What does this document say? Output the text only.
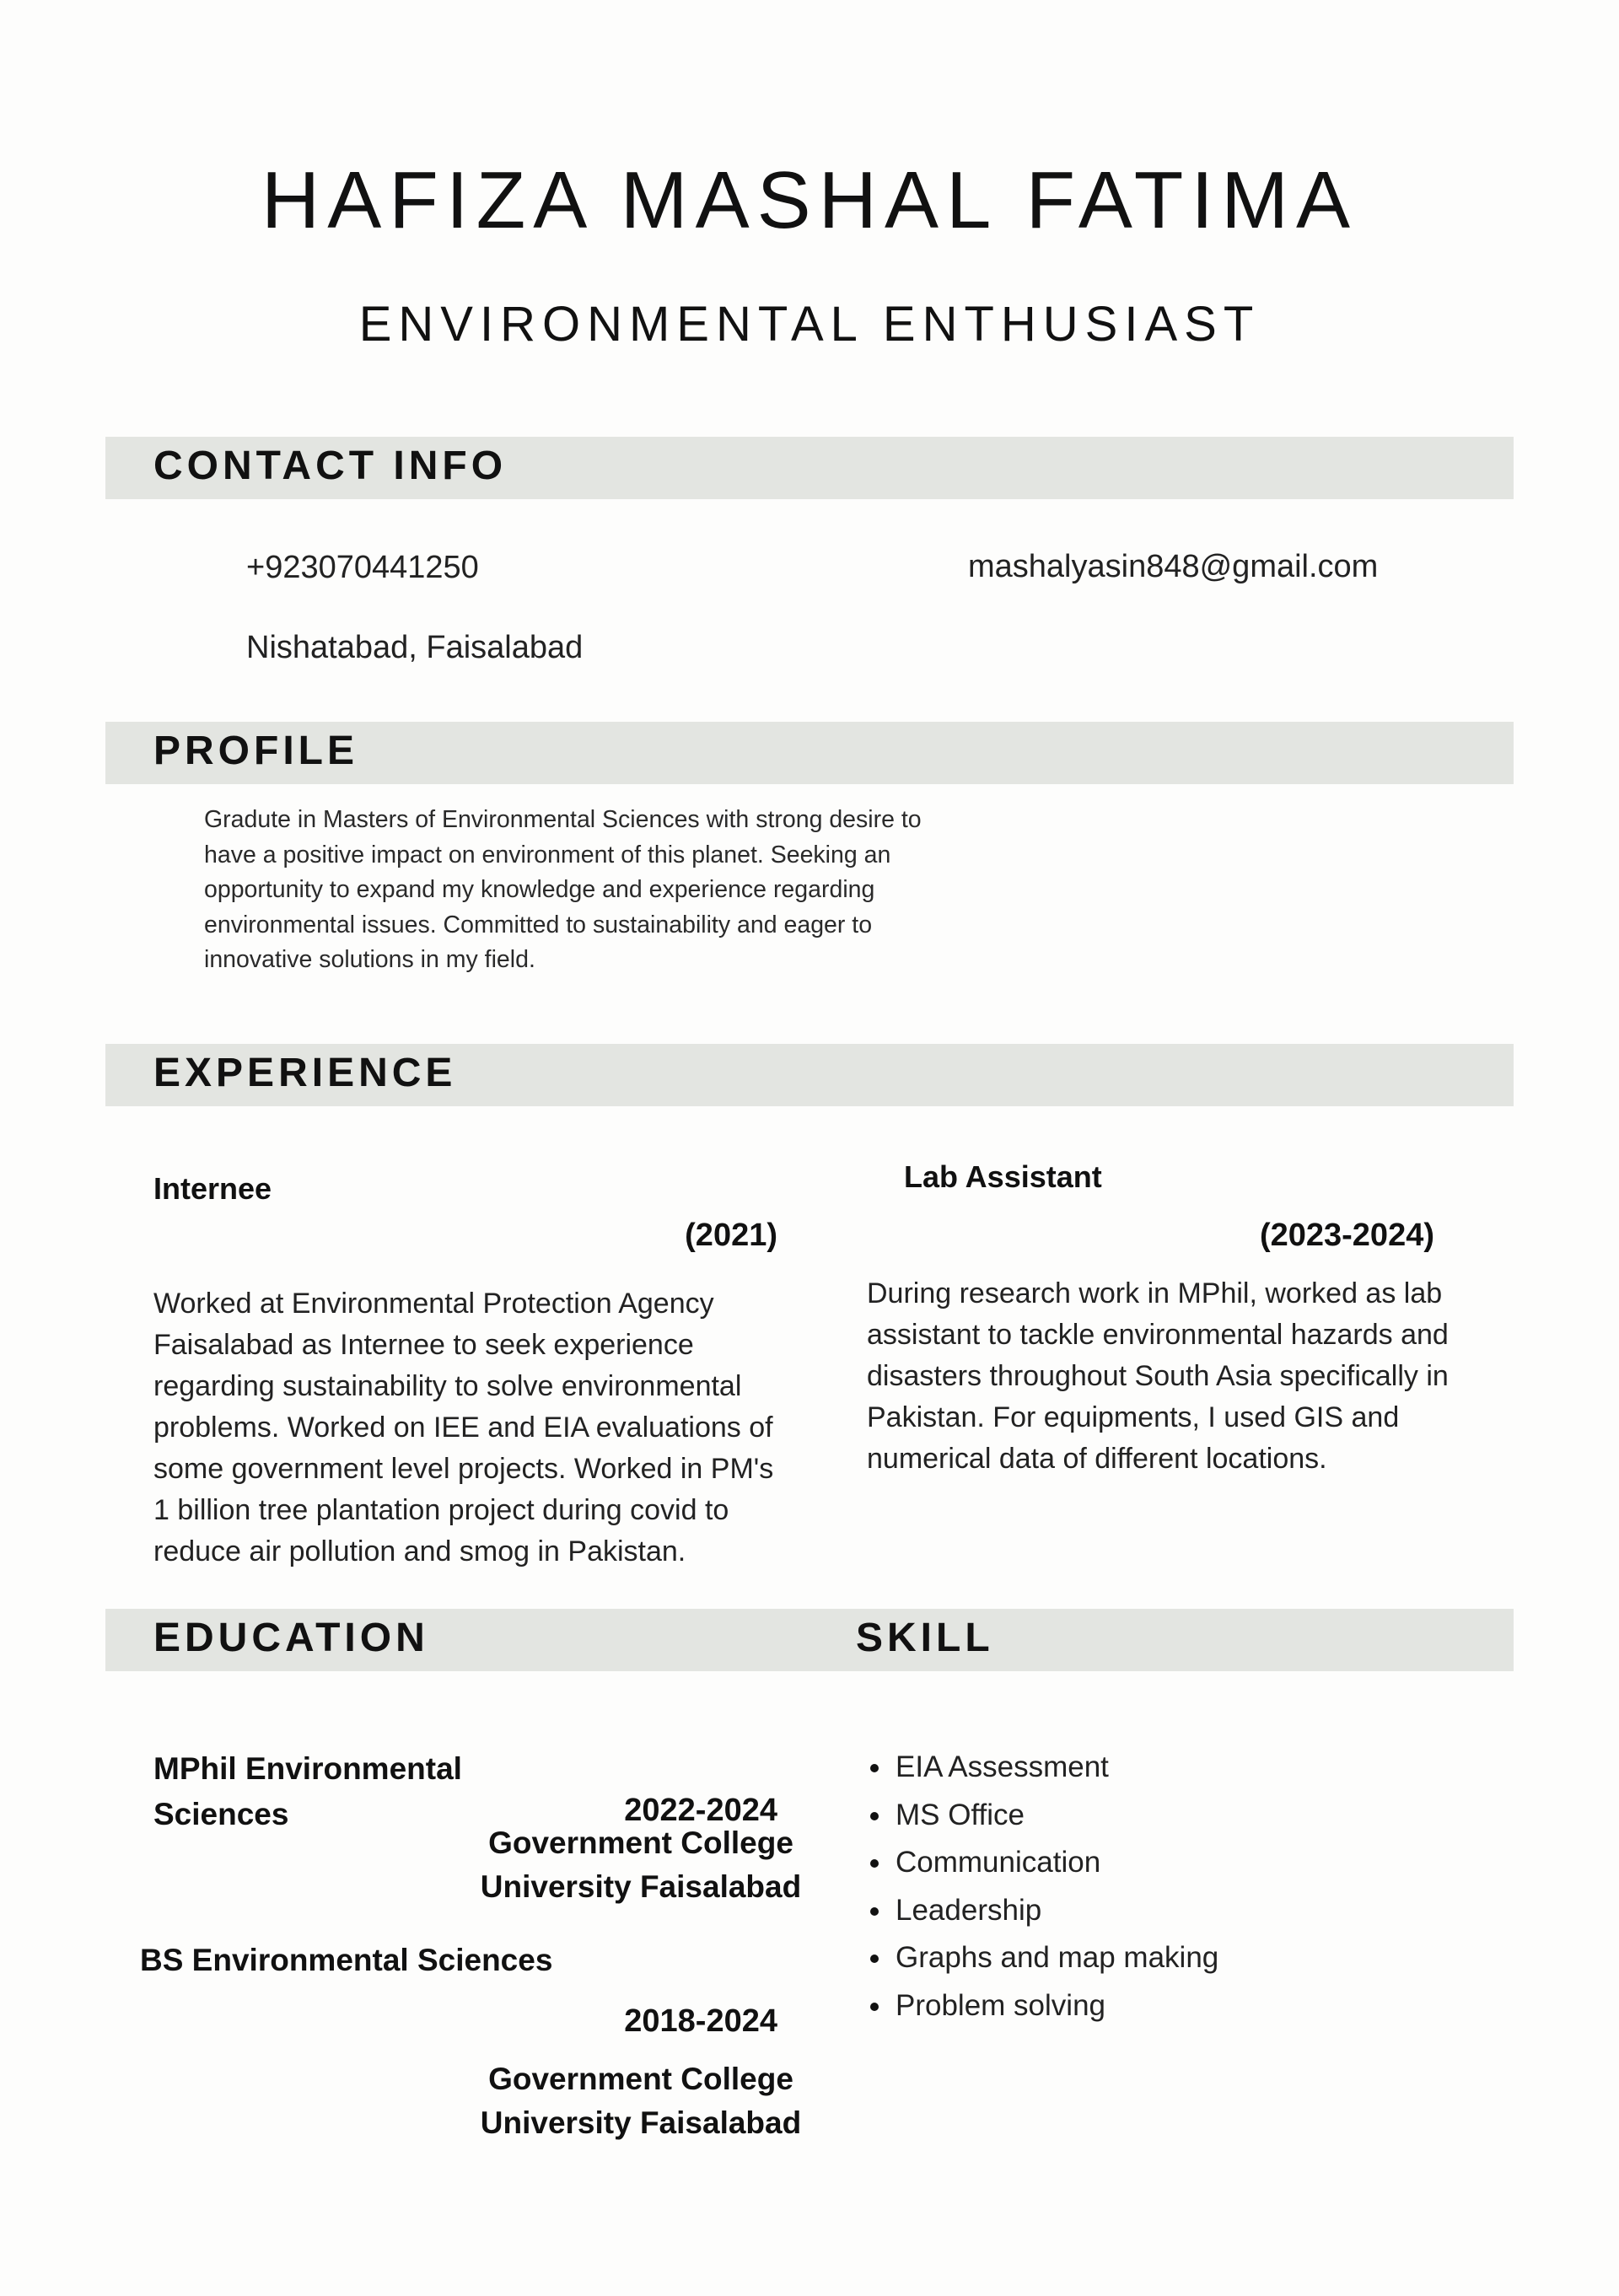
HAFIZA MASHAL FATIMA
ENVIRONMENTAL ENTHUSIAST
CONTACT INFO
+923070441250
Nishatabad, Faisalabad
mashalyasin848@gmail.com
PROFILE
Gradute in Masters of Environmental Sciences with strong desire to have a positive impact on environment of this planet. Seeking an opportunity to expand my knowledge and experience regarding environmental issues. Committed to sustainability and eager to innovative solutions in my field.
EXPERIENCE
Internee
(2021)
Worked at Environmental Protection Agency Faisalabad as Internee to seek experience regarding sustainability to solve environmental problems. Worked on IEE and EIA evaluations of some government level projects. Worked in PM's 1 billion tree plantation project during covid to reduce air pollution and smog in Pakistan.
Lab Assistant
(2023-2024)
During research work in MPhil, worked as lab assistant to tackle environmental hazards and disasters throughout South Asia specifically in Pakistan. For equipments, I used GIS and numerical data of different locations.
EDUCATION	SKILL
MPhil Environmental Sciences	2022-2024
Government College University Faisalabad
BS Environmental Sciences
2018-2024
Government College University Faisalabad
EIA Assessment
MS Office
Communication
Leadership
Graphs and map making
Problem solving
